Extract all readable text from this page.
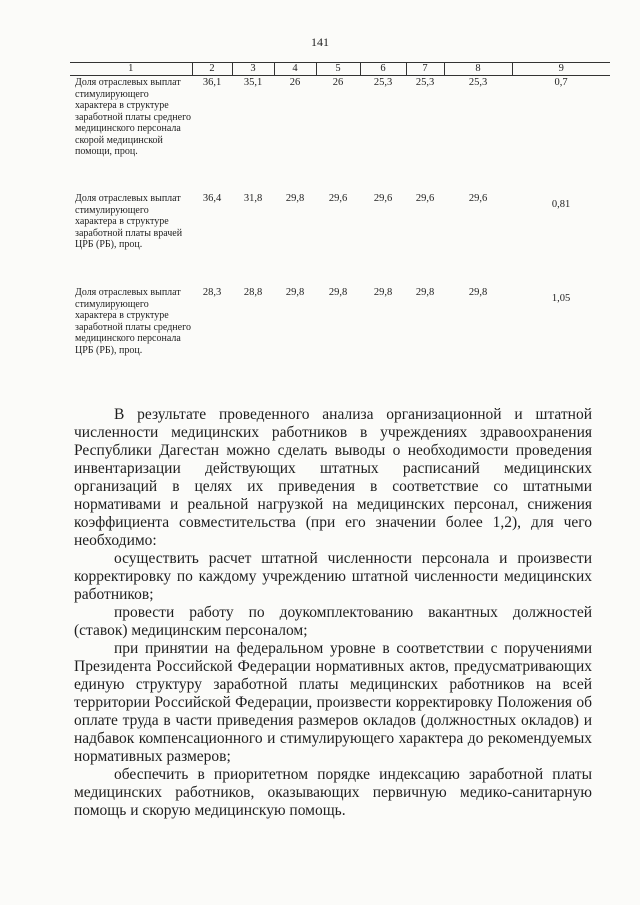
141
1	2	3	4	5	6	7	8	9
Доля отраслевых выплат стимулирующего характера в структуре заработной платы среднего медицинского персонала скорой медицинской помощи, проц.	36,1	35,1	26	26	25,3	25,3	25,3	0,7
Доля отраслевых выплат стимулирующего характера в структуре заработной платы врачей ЦРБ (РБ), проц.	36,4	31,8	29,8	29,6	29,6	29,6	29,6	0,81
Доля отраслевых выплат стимулирующего характера в структуре заработной платы среднего медицинского персонала ЦРБ (РБ), проц.	28,3	28,8	29,8	29,8	29,8	29,8	29,8	1,05

В результате проведенного анализа организационной и штатной численности медицинских работников в учреждениях здравоохранения Республики Дагестан можно сделать выводы о необходимости проведения инвентаризации действующих штатных расписаний медицинских организаций в целях их приведения в соответствие со штатными нормативами и реальной нагрузкой на медицинских персонал, снижения коэффициента совместительства (при его значении более 1,2), для чего необходимо:

осуществить расчет штатной численности персонала и произвести корректировку по каждому учреждению штатной численности медицинских работников;

провести работу по доукомплектованию вакантных должностей (ставок) медицинским персоналом;

при принятии на федеральном уровне в соответствии с поручениями Президента Российской Федерации нормативных актов, предусматривающих единую структуру заработной платы медицинских работников на всей территории Российской Федерации, произвести корректировку Положения об оплате труда в части приведения размеров окладов (должностных окладов) и надбавок компенсационного и стимулирующего характера до рекомендуемых нормативных размеров;

обеспечить в приоритетном порядке индексацию заработной платы медицинских работников, оказывающих первичную медико-санитарную помощь и скорую медицинскую помощь.
